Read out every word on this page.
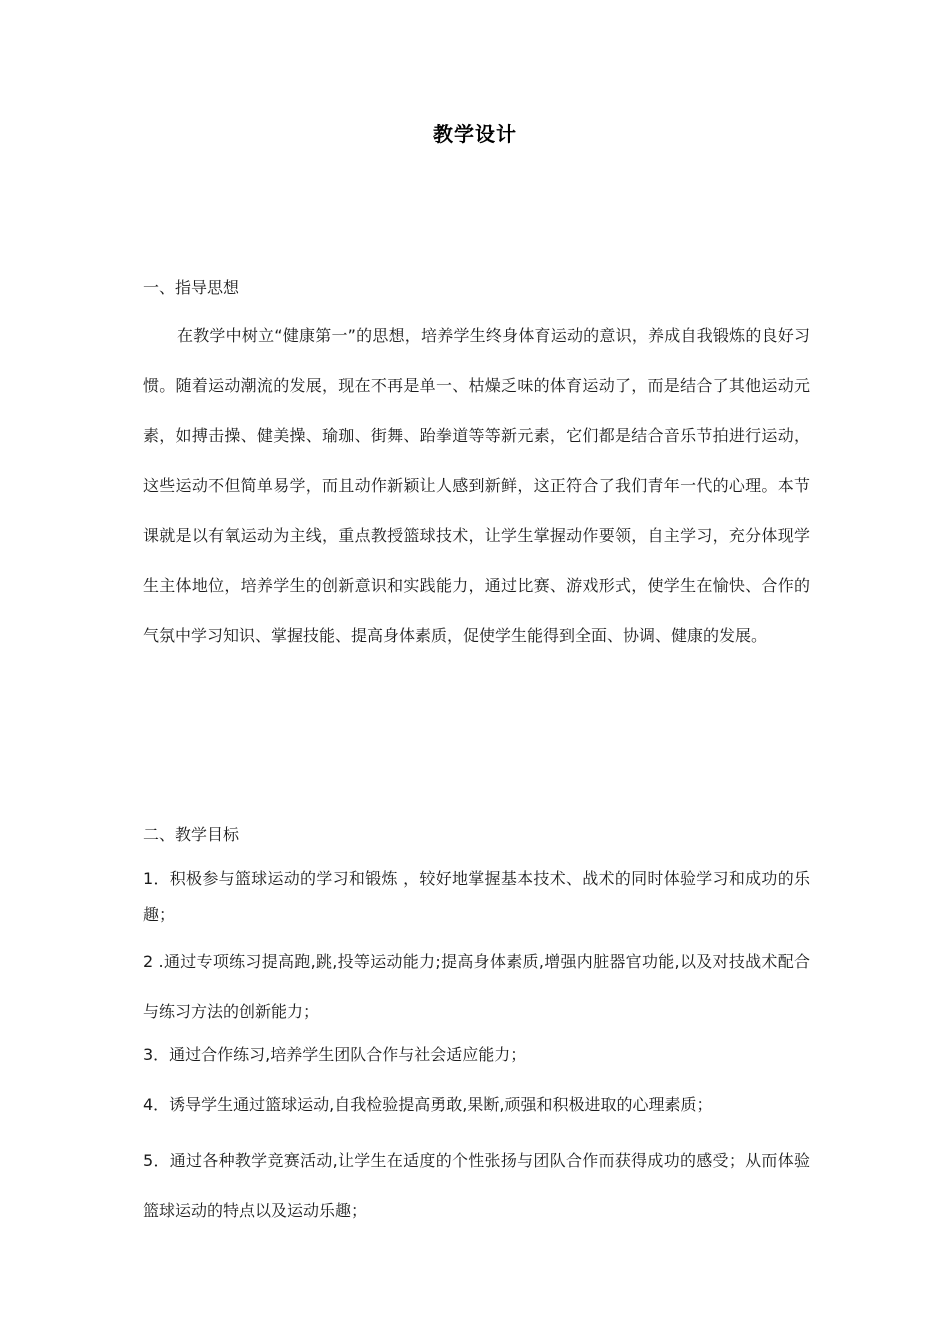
教学设计
一、指导思想
在教学中树立“健康第一”的思想，培养学生终身体育运动的意识，养成自我锻炼的良好习惯。随着运动潮流的发展，现在不再是单一、枯燥乏味的体育运动了，而是结合了其他运动元素，如搏击操、健美操、瑜珈、街舞、跆拳道等等新元素，它们都是结合音乐节拍进行运动，这些运动不但简单易学，而且动作新颖让人感到新鲜，这正符合了我们青年一代的心理。本节课就是以有氧运动为主线，重点教授篮球技术，让学生掌握动作要领，自主学习，充分体现学生主体地位，培养学生的创新意识和实践能力，通过比赛、游戏形式，使学生在愉快、合作的气氛中学习知识、掌握技能、提高身体素质，促使学生能得到全面、协调、健康的发展。
二、教学目标
1．积极参与篮球运动的学习和锻炼 ，较好地掌握基本技术、战术的同时体验学习和成功的乐趣；
2 .通过专项练习提高跑,跳,投等运动能力;提高身体素质,增强内脏器官功能,以及对技战术配合与练习方法的创新能力；
3．通过合作练习,培养学生团队合作与社会适应能力；
4．诱导学生通过篮球运动,自我检验提高勇敢,果断,顽强和积极进取的心理素质；
5．通过各种教学竞赛活动,让学生在适度的个性张扬与团队合作而获得成功的感受；从而体验篮球运动的特点以及运动乐趣；
